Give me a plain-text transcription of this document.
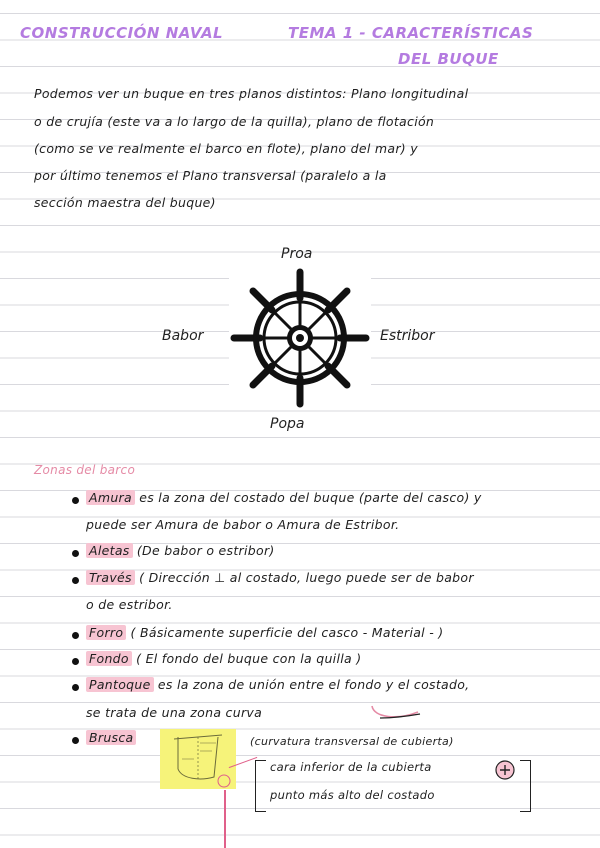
CONSTRUCCIÓN NAVAL	TEMA 1 - CARACTERÍSTICAS
DEL BUQUE
Podemos ver un buque en tres planos distintos: Plano longitudinal
o de crujía (este va a lo largo de la quilla), plano de flotación
(como se ve realmente el barco en flote), plano del mar) y
por último tenemos el Plano transversal (paralelo a la
sección maestra del buque)
Proa
Babor	Estribor
Popa
Zonas del barco
Amura es la zona del costado del buque (parte del casco) y
puede ser Amura de babor o Amura de Estribor.
Aletas (De babor o estribor)
Través ( Dirección ⊥ al costado, luego puede ser de babor
o de estribor.
Forro ( Básicamente superficie del casco - Material - )
Fondo ( El fondo del buque con la quilla )
Pantoque es la zona de unión entre el fondo y el costado,
se trata de una zona curva
Brusca	(curvatura transversal de cubierta)
cara inferior de la cubierta
punto más alto del costado
